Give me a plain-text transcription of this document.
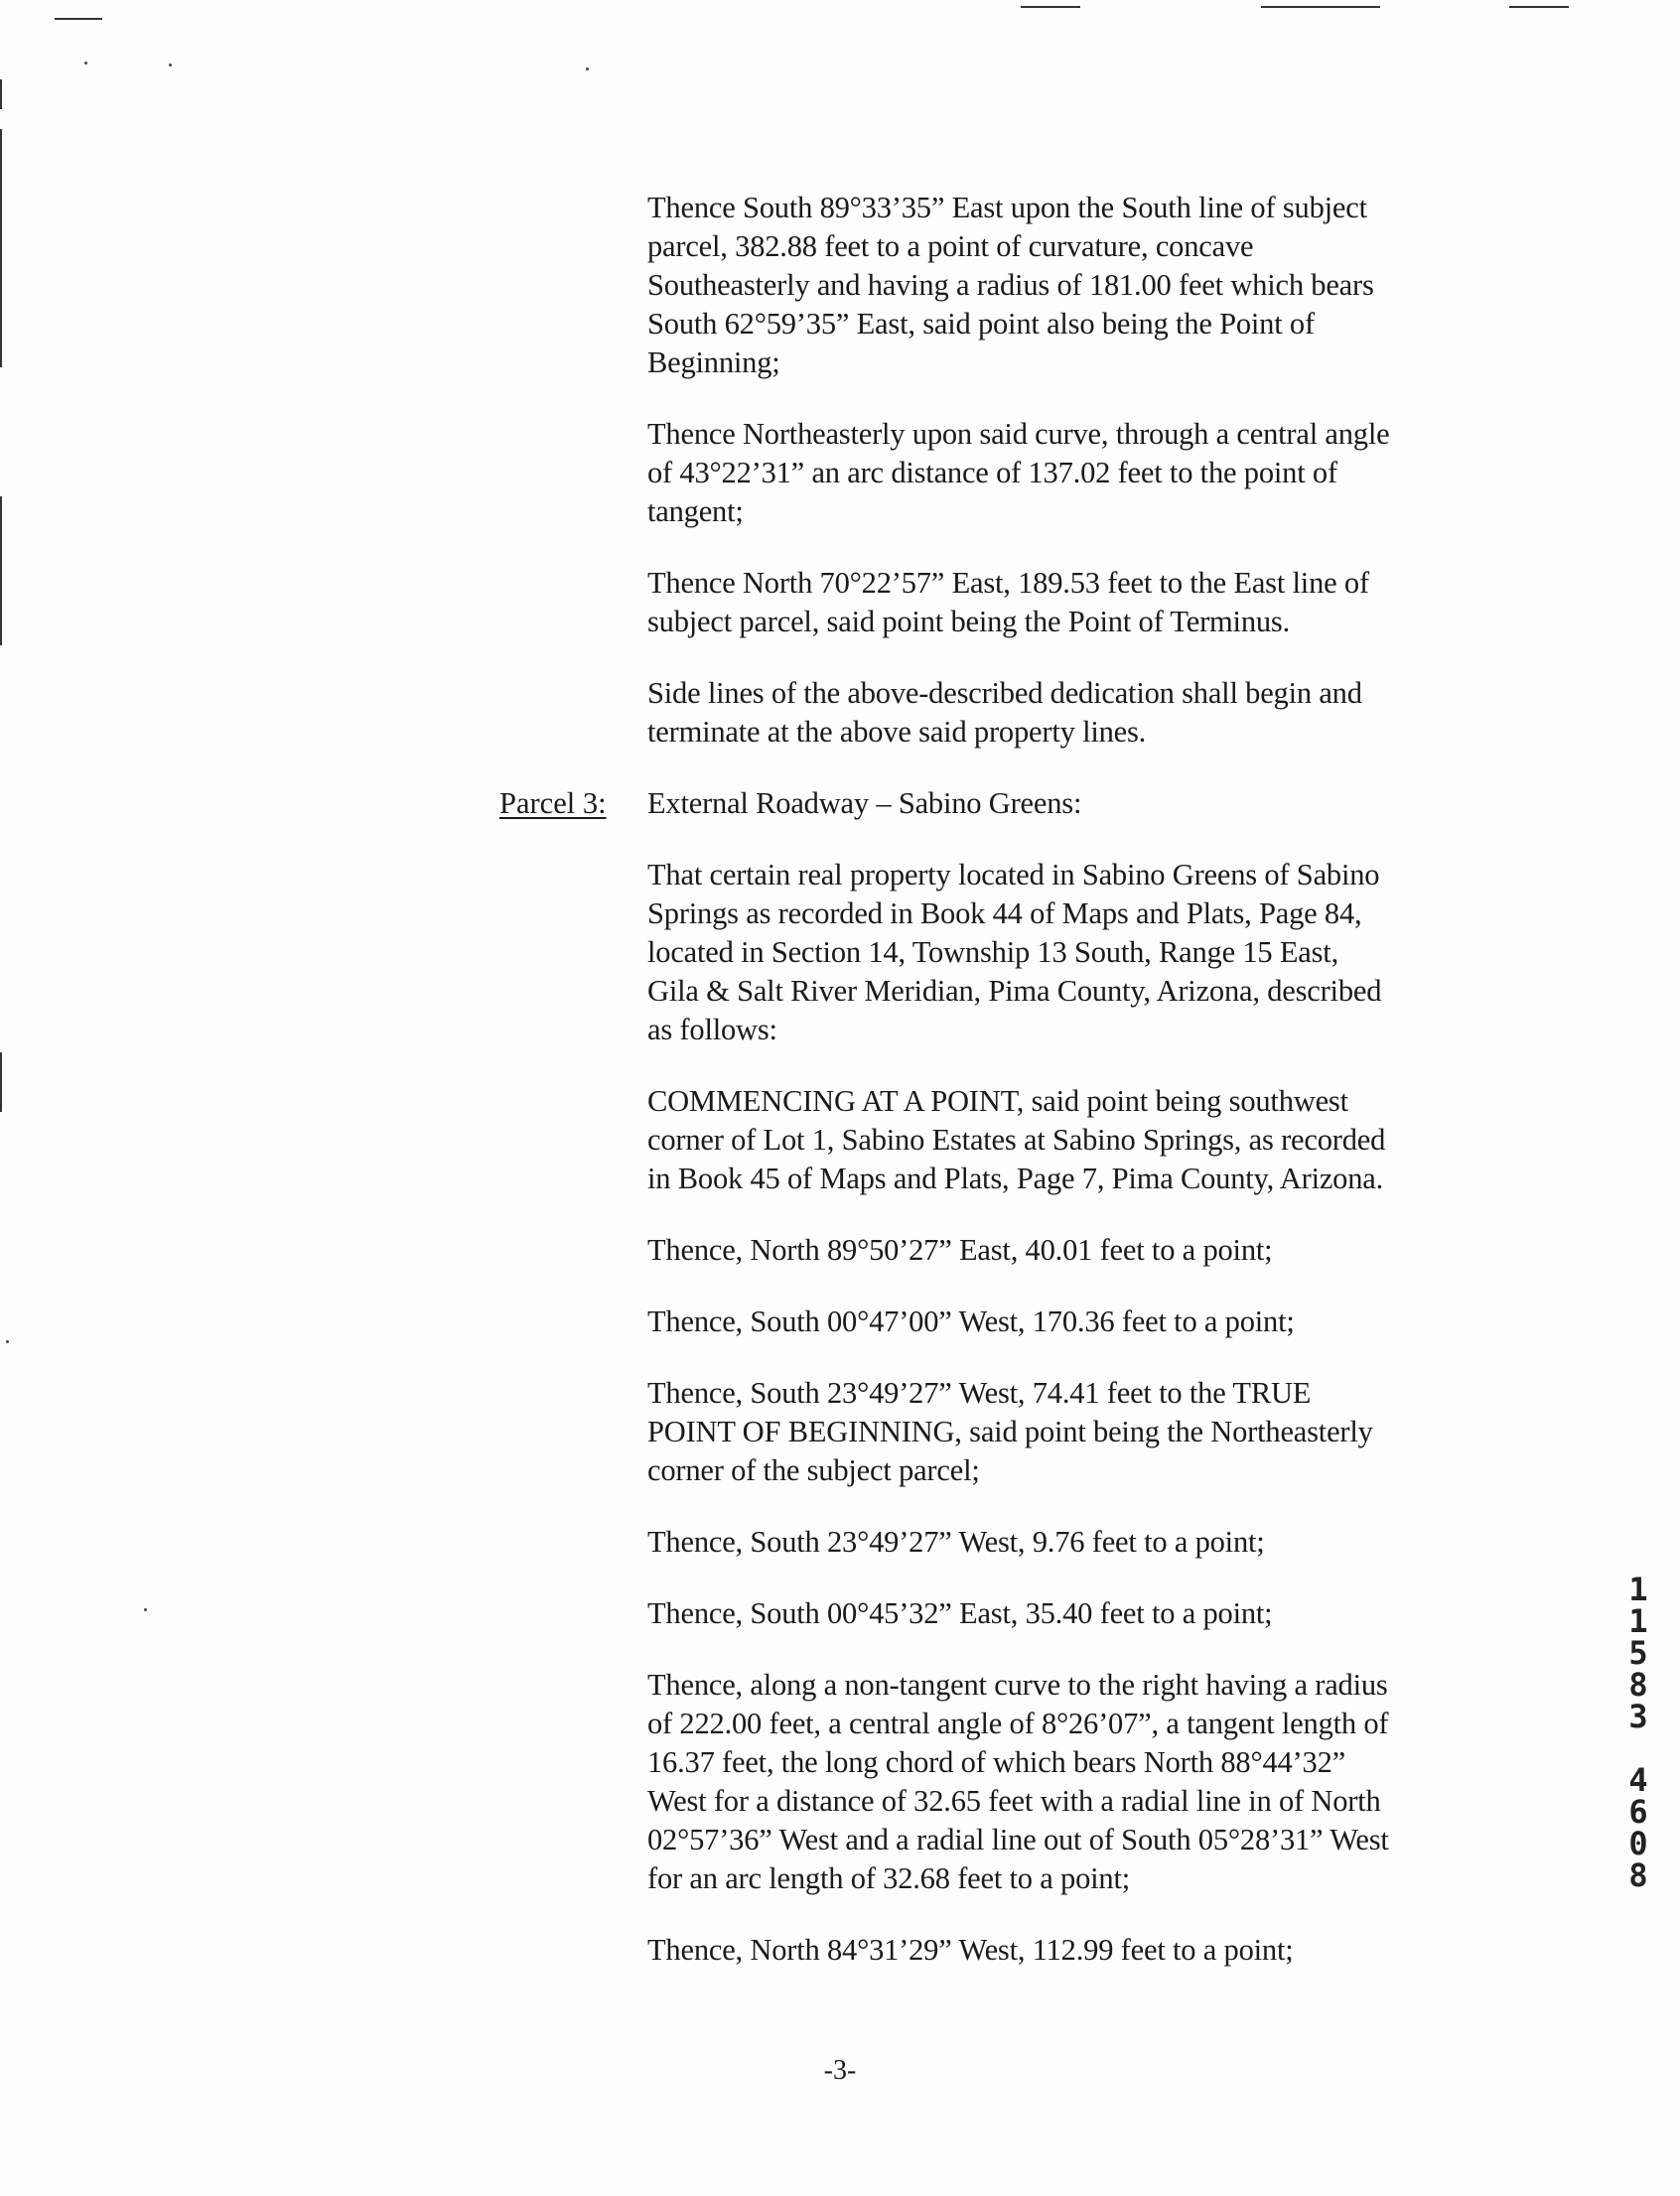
Thence South 89°33’35” East upon the South line of subject
parcel, 382.88 feet to a point of curvature, concave
Southeasterly and having a radius of 181.00 feet which bears
South 62°59’35” East, said point also being the Point of
Beginning;

Thence Northeasterly upon said curve, through a central angle
of 43°22’31” an arc distance of 137.02 feet to the point of
tangent;

Thence North 70°22’57” East, 189.53 feet to the East line of
subject parcel, said point being the Point of Terminus.

Side lines of the above-described dedication shall begin and
terminate at the above said property lines.

External Roadway – Sabino Greens:

That certain real property located in Sabino Greens of Sabino
Springs as recorded in Book 44 of Maps and Plats, Page 84,
located in Section 14, Township 13 South, Range 15 East,
Gila & Salt River Meridian, Pima County, Arizona, described
as follows:

COMMENCING AT A POINT, said point being southwest
corner of Lot 1, Sabino Estates at Sabino Springs, as recorded
in Book 45 of Maps and Plats, Page 7, Pima County, Arizona.

Thence, North 89°50’27” East, 40.01 feet to a point;

Thence, South 00°47’00” West, 170.36 feet to a point;

Thence, South 23°49’27” West, 74.41 feet to the TRUE
POINT OF BEGINNING, said point being the Northeasterly
corner of the subject parcel;

Thence, South 23°49’27” West, 9.76 feet to a point;

Thence, South 00°45’32” East, 35.40 feet to a point;

Thence, along a non-tangent curve to the right having a radius
of 222.00 feet, a central angle of 8°26’07”, a tangent length of
16.37 feet, the long chord of which bears North 88°44’32”
West for a distance of 32.65 feet with a radial line in of North
02°57’36” West and a radial line out of South 05°28’31” West
for an arc length of 32.68 feet to a point;

Thence, North 84°31’29” West, 112.99 feet to a point;

Parcel 3:
-3-
1
1
5
8
3
4
6
0
8
